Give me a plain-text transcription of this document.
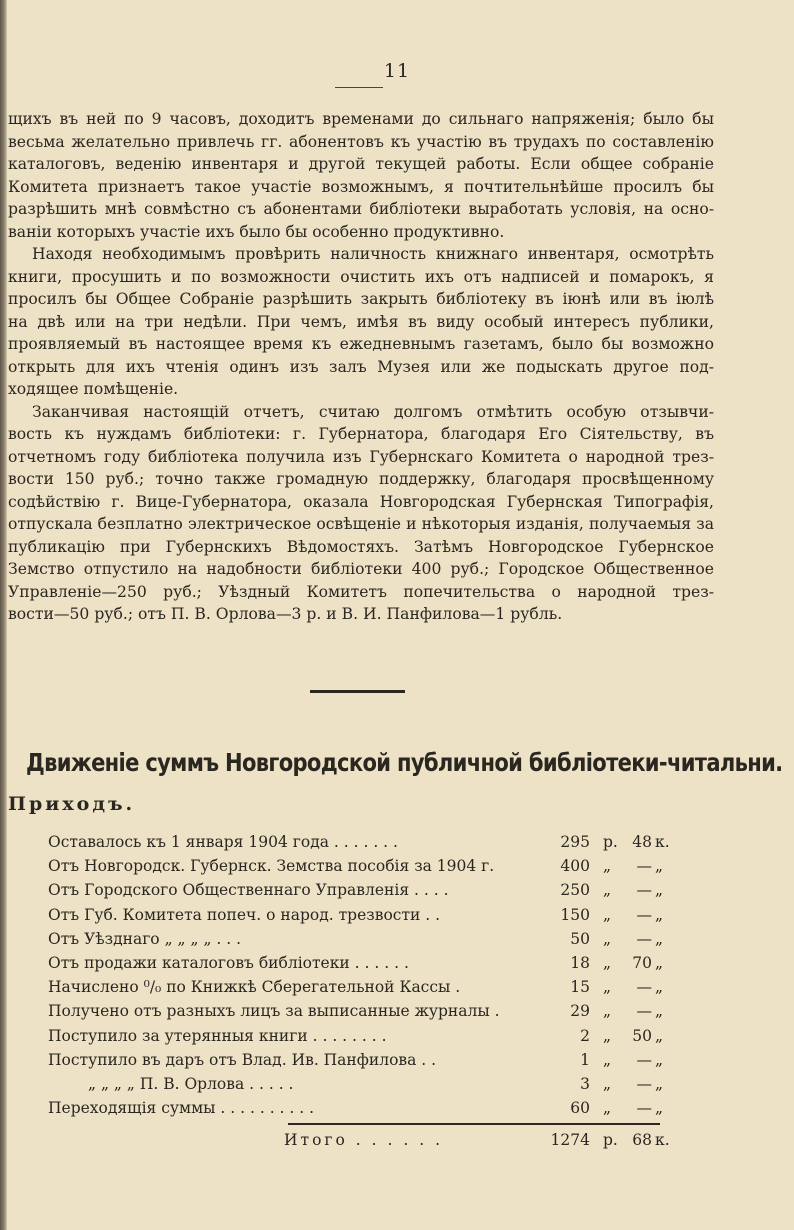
11
щихъ въ ней по 9 часовъ, доходитъ временами до сильнаго напряженія; было бы
весьма желательно привлечь гг. абонентовъ къ участію въ трудахъ по составленію
каталоговъ, веденію инвентаря и другой текущей работы. Если общее собраніе
Комитета признаетъ такое участіе возможнымъ, я почтительнѣйше просилъ бы
разрѣшить мнѣ совмѣстно съ абонентами библіотеки выработать условія, на осно-
ваніи которыхъ участіе ихъ было бы особенно продуктивно.
Находя необходимымъ провѣрить наличность книжнаго инвентаря, осмотрѣть
книги, просушить и по возможности очистить ихъ отъ надписей и помарокъ, я
просилъ бы Общее Собраніе разрѣшить закрыть библіотеку въ іюнѣ или въ іюлѣ
на двѣ или на три недѣли. При чемъ, имѣя въ виду особый интересъ публики,
проявляемый въ настоящее время къ ежедневнымъ газетамъ, было бы возможно
открыть для ихъ чтенія одинъ изъ залъ Музея или же подыскать другое под-
ходящее помѣщеніе.
Заканчивая настоящій отчетъ, считаю долгомъ отмѣтить особую отзывчи-
вость къ нуждамъ библіотеки: г. Губернатора, благодаря Его Сіятельству, въ
отчетномъ году библіотека получила изъ Губернскаго Комитета о народной трез-
вости 150 руб.; точно также громадную поддержку, благодаря просвѣщенному
содѣйствію г. Вице-Губернатора, оказала Новгородская Губернская Типографія,
отпускала безплатно электрическое освѣщеніе и нѣкоторыя изданія, получаемыя за
публикацію при Губернскихъ Вѣдомостяхъ. Затѣмъ Новгородское Губернское
Земство отпустило на надобности библіотеки 400 руб.; Городское Общественное
Управленіе—250 руб.; Уѣздный Комитетъ попечительства о народной трез-
вости—50 руб.; отъ П. В. Орлова—3 р. и В. И. Панфилова—1 рубль.
Движеніе суммъ Новгородской публичной библіотеки-читальни.
Приходъ.
Оставалось къ 1 января 1904 года . . . . . . .	295 р. 48 к.
Отъ Новгородск. Губернск. Земства пособія за 1904 г.	400 „	— „
Отъ Городского Общественнаго Управленія . . . .	250 „	— „
Отъ Губ. Комитета попеч. о народ. трезвости . .	150 „	— „
Отъ Уѣзднаго „ „ „ „ . . .	50 „	— „
Отъ продажи каталоговъ библіотеки . . . . . .	18 „	70 „
Начислено ⁰/₀ по Книжкѣ Сберегательной Кассы .	15 „	— „
Получено отъ разныхъ лицъ за выписанные журналы .	29 „	— „
Поступило за утерянныя книги . . . . . . . .	2 „	50 „
Поступило въ даръ отъ Влад. Ив. Панфилова . .	1 „	— „
„ „ „ „ П. В. Орлова . . . . .	3 „	— „
Переходящія суммы . . . . . . . . . .	60 „	— „
Итого . . . . . .	1274 р. 68 к.
